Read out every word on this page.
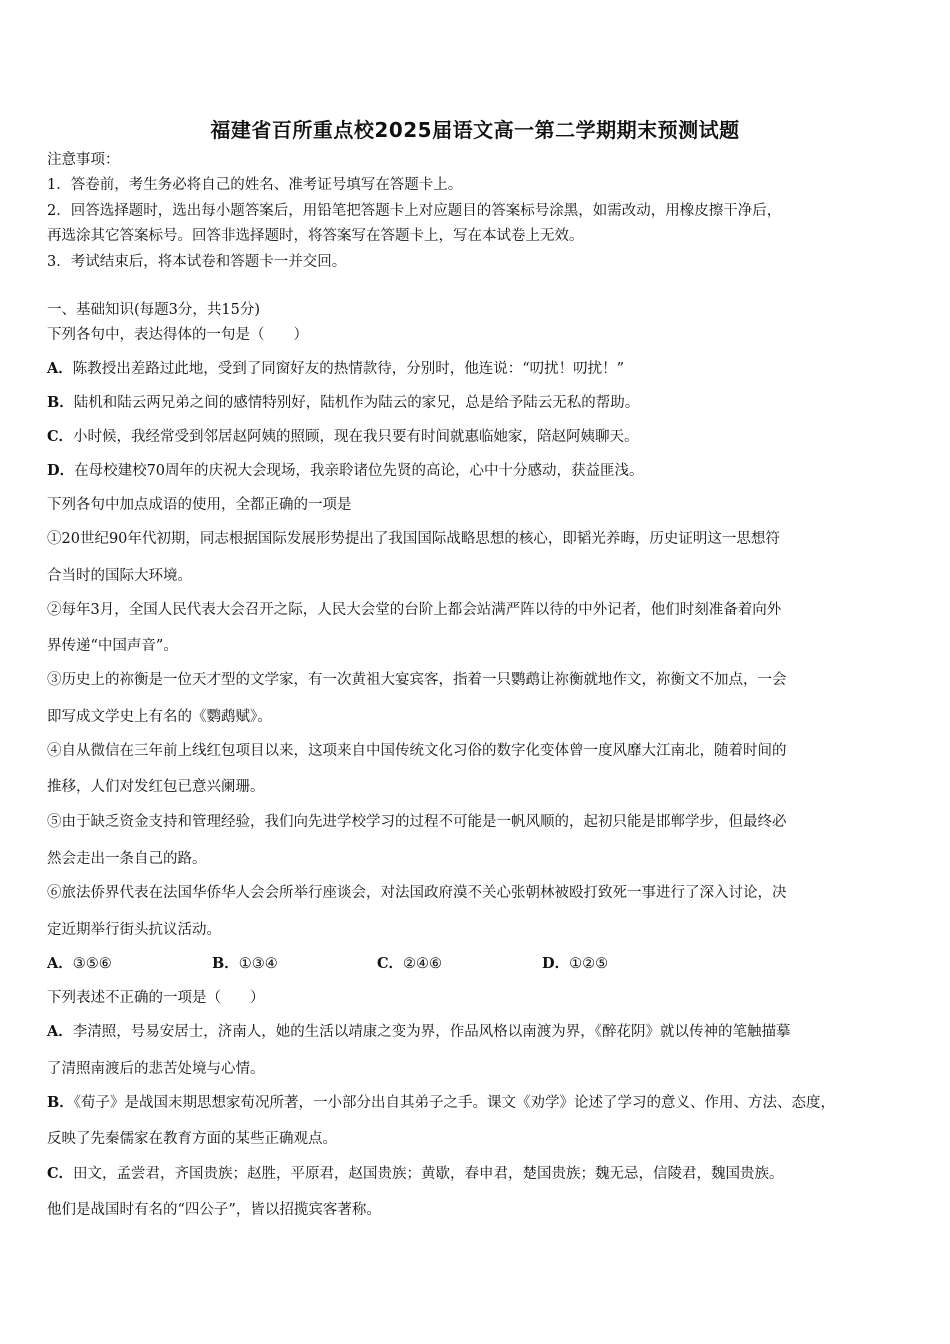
福建省百所重点校2025届语文高一第二学期期末预测试题
注意事项：
1．答卷前，考生务必将自己的姓名、准考证号填写在答题卡上。
2．回答选择题时，选出每小题答案后，用铅笔把答题卡上对应题目的答案标号涂黑，如需改动，用橡皮擦干净后，
再选涂其它答案标号。回答非选择题时，将答案写在答题卡上，写在本试卷上无效。
3．考试结束后，将本试卷和答题卡一并交回。
一、基础知识(每题3分，共15分)
下列各句中，表达得体的一句是（　　）
A．陈教授出差路过此地，受到了同窗好友的热情款待，分别时，他连说：“叨扰！叨扰！”
B．陆机和陆云两兄弟之间的感情特别好，陆机作为陆云的家兄，总是给予陆云无私的帮助。
C．小时候，我经常受到邻居赵阿姨的照顾，现在我只要有时间就惠临她家，陪赵阿姨聊天。
D．在母校建校70周年的庆祝大会现场，我亲聆诸位先贤的高论，心中十分感动，获益匪浅。
下列各句中加点成语的使用，全都正确的一项是
①20世纪90年代初期，同志根据国际发展形势提出了我国国际战略思想的核心，即韬光养晦，历史证明这一思想符
合当时的国际大环境。
②每年3月，全国人民代表大会召开之际，人民大会堂的台阶上都会站满严阵以待的中外记者，他们时刻准备着向外
界传递“中国声音”。
③历史上的祢衡是一位天才型的文学家，有一次黄祖大宴宾客，指着一只鹦鹉让祢衡就地作文，祢衡文不加点，一会
即写成文学史上有名的《鹦鹉赋》。
④自从微信在三年前上线红包项目以来，这项来自中国传统文化习俗的数字化变体曾一度风靡大江南北，随着时间的
推移，人们对发红包已意兴阑珊。
⑤由于缺乏资金支持和管理经验，我们向先进学校学习的过程不可能是一帆风顺的，起初只能是邯郸学步，但最终必
然会走出一条自己的路。
⑥旅法侨界代表在法国华侨华人会会所举行座谈会，对法国政府漠不关心张朝林被殴打致死一事进行了深入讨论，决
定近期举行街头抗议活动。
A．③⑤⑥	B．①③④	C．②④⑥	D．①②⑤
下列表述不正确的一项是（　　）
A．李清照，号易安居士，济南人，她的生活以靖康之变为界，作品风格以南渡为界，《醉花阴》就以传神的笔触描摹
了清照南渡后的悲苦处境与心情。
B．《荀子》是战国末期思想家荀况所著，一小部分出自其弟子之手。课文《劝学》论述了学习的意义、作用、方法、态度，
反映了先秦儒家在教育方面的某些正确观点。
C．田文，孟尝君，齐国贵族；赵胜，平原君，赵国贵族；黄歇，春申君，楚国贵族；魏无忌，信陵君，魏国贵族。
他们是战国时有名的“四公子”，皆以招揽宾客著称。
